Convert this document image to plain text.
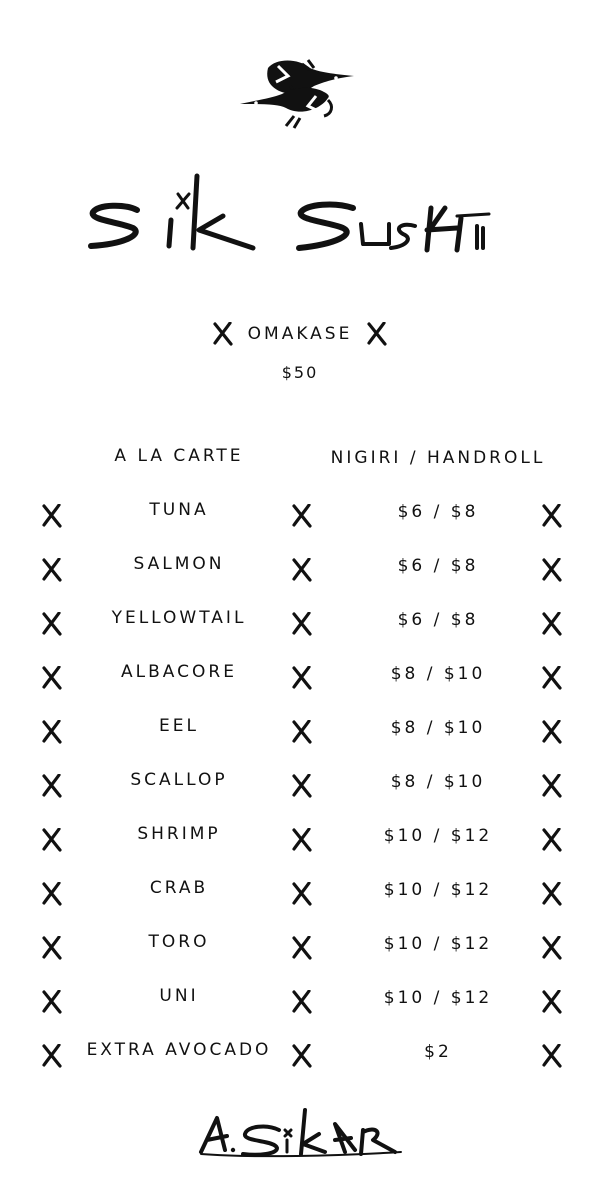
OMAKASE
$50
A LA CARTE	NIGIRI / HANDROLL
TUNA	$6 / $8
SALMON	$6 / $8
YELLOWTAIL	$6 / $8
ALBACORE	$8 / $10
EEL	$8 / $10
SCALLOP	$8 / $10
SHRIMP	$10 / $12
CRAB	$10 / $12
TORO	$10 / $12
UNI	$10 / $12
EXTRA AVOCADO	$2
